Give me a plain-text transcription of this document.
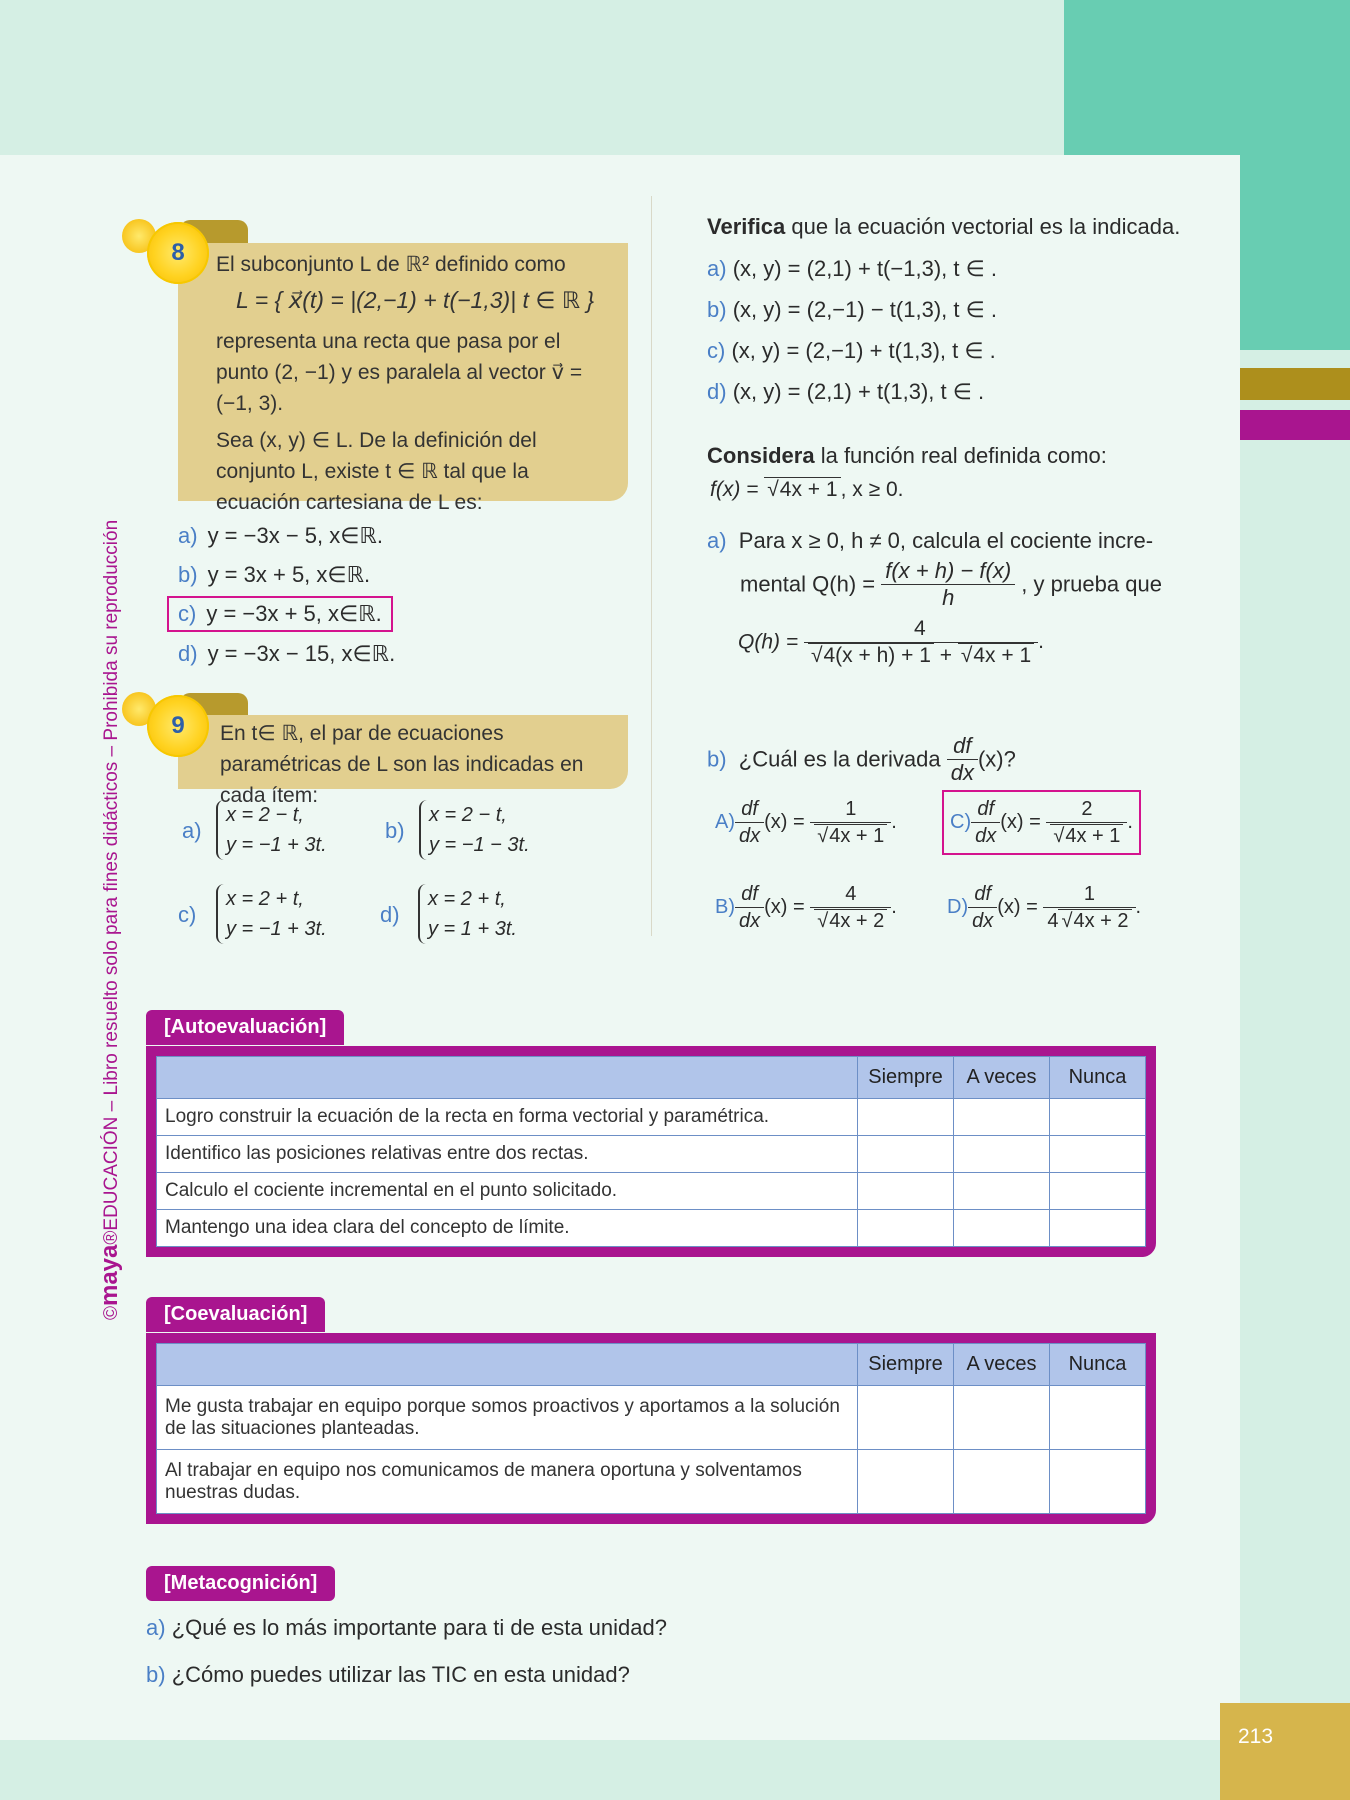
213
©maya®EDUCACIÓN – Libro resuelto solo para fines didácticos – Prohibida su reproducción
El subconjunto L de ℝ² definido como
L = { x⃗(t) = |(2,−1) + t(−1,3)| t ∈ ℝ }
representa una recta que pasa por el punto (2, −1) y es paralela al vector v⃗ = (−1, 3).
Sea (x, y) ∈ L. De la definición del conjunto L, existe t ∈ ℝ tal que la ecuación cartesiana de L es:
8
a) y = −3x − 5, x∈ℝ.
b) y = 3x + 5, x∈ℝ.
c) y = −3x + 5, x∈ℝ.
d) y = −3x − 15, x∈ℝ.
En t∈ ℝ, el par de ecuaciones paramétricas de L son las indicadas en cada ítem:
9
a)
x = 2 − t,
y = −1 + 3t.
b)
x = 2 − t,
y = −1 − 3t.
c)
x = 2 + t,
y = −1 + 3t.
d)
x = 2 + t,
y = 1 + 3t.
Verifica que la ecuación vectorial es la indicada.
a) (x, y) = (2,1) + t(−1,3), t ∈ .
b) (x, y) = (2,−1) − t(1,3), t ∈ .
c) (x, y) = (2,−1) + t(1,3), t ∈ .
d) (x, y) = (2,1) + t(1,3), t ∈ .
Considera la función real definida como:
f(x) = √ 4x + 1 , x ≥ 0.
a) Para x ≥ 0, h ≠ 0, calcula el cociente incre-
mental $Q(h) = \frac{f(x + h) - f(x)}{h}$ , y prueba que
Q(h) = 4
√ 4(x + h) + 1 + √ 4x + 1 .
b) ¿Cuál es la derivada $\frac{df}{dx} (x)$?
$A) \frac{df}{dx} (x) = 1$
√ 4x + 1 .	$C) \frac{df}{dx} (x) = 2$
√ 4x + 1 .
$B) \frac{df}{dx} (x) = 4$
√ 4x + 2 .	$D) \frac{df}{dx} (x) = \frac{1}{4 √ 4x + 2}$ .
[Autoevaluación]
	Siempre	A veces	Nunca
Logro construir la ecuación de la recta en forma vectorial y paramétrica.			
Identifico las posiciones relativas entre dos rectas.			
Calculo el cociente incremental en el punto solicitado.			
Mantengo una idea clara del concepto de límite.			
[Coevaluación]
	Siempre	A veces	Nunca
Me gusta trabajar en equipo porque somos proactivos y aportamos a la solución de las situaciones planteadas.			
Al trabajar en equipo nos comunicamos de manera oportuna y solventamos nuestras dudas.			
[Metacognición]
a) ¿Qué es lo más importante para ti de esta unidad?
b) ¿Cómo puedes utilizar las TIC en esta unidad?
